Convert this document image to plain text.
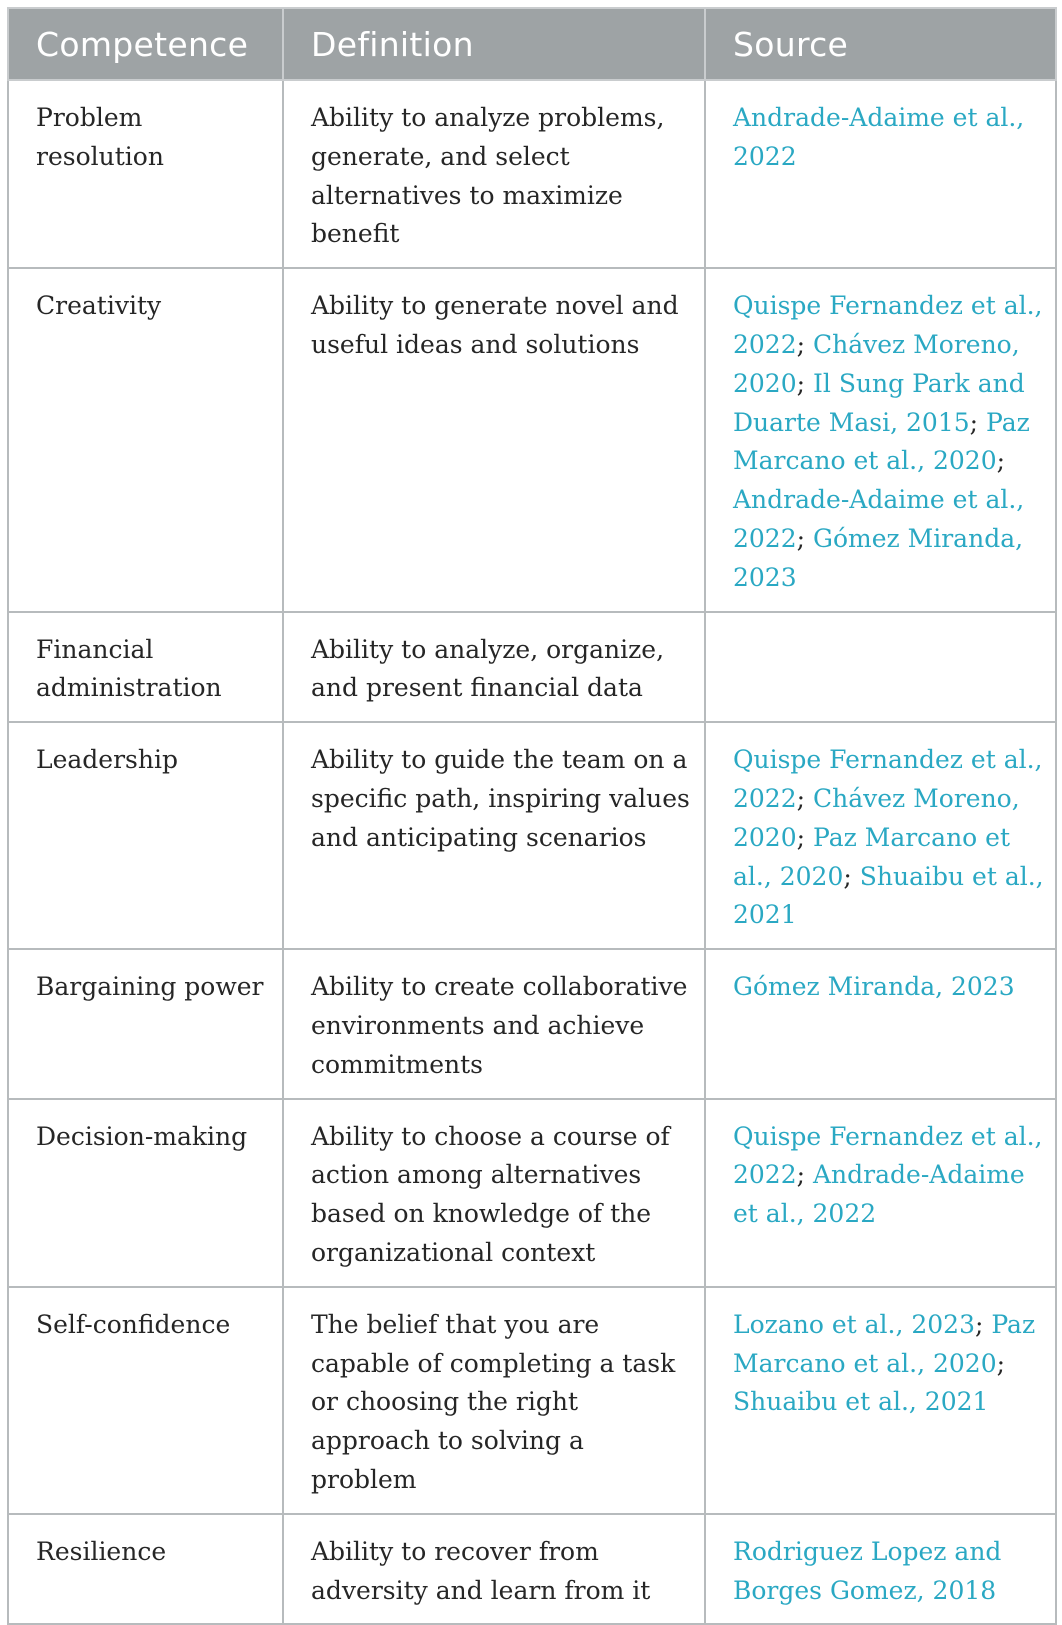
Competence	Definition	Source

Problem resolution	Ability to analyze problems, generate, and select alternatives to maximize benefit	Andrade-Adaime et al., 2022

Creativity	Ability to generate novel and useful ideas and solutions	Quispe Fernandez et al., 2022; Chávez Moreno, 2020; Il Sung Park and Duarte Masi, 2015; Paz Marcano et al., 2020; Andrade-Adaime et al., 2022; Gómez Miranda, 2023

Financial administration	Ability to analyze, organize, and present financial data	

Leadership	Ability to guide the team on a specific path, inspiring values and anticipating scenarios	Quispe Fernandez et al., 2022; Chávez Moreno, 2020; Paz Marcano et al., 2020; Shuaibu et al., 2021

Bargaining power	Ability to create collaborative environments and achieve commitments	Gómez Miranda, 2023

Decision-making	Ability to choose a course of action among alternatives based on knowledge of the organizational context	Quispe Fernandez et al., 2022; Andrade-Adaime et al., 2022

Self-confidence	The belief that you are capable of completing a task or choosing the right approach to solving a problem	Lozano et al., 2023; Paz Marcano et al., 2020; Shuaibu et al., 2021

Resilience	Ability to recover from adversity and learn from it	Rodriguez Lopez and Borges Gomez, 2018
